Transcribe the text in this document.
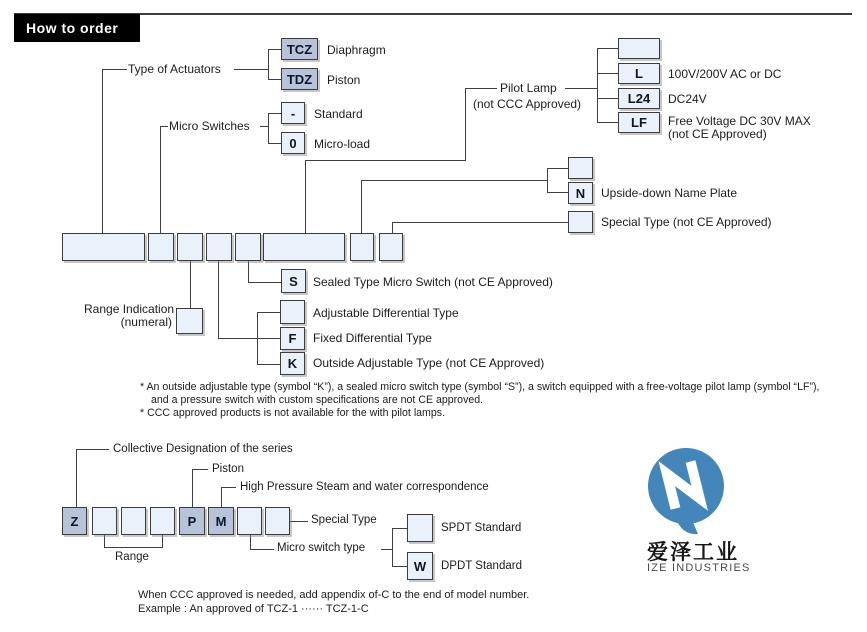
How to order
Type of Actuators
TCZ	Diaphragm
TDZ	Piston
Micro Switches
-	Standard
0	Micro-load
Pilot Lamp
(not CCC Approved)
L	100V/200V AC or DC
L24	DC24V
LF	Free Voltage DC 30V MAX
(not CE Approved)
N	Upside-down Name Plate
Special Type (not CE Approved)
S	Sealed Type Micro Switch (not CE Approved)
Range Indication
(numeral)
Adjustable Differential Type
F	Fixed Differential Type
K	Outside Adjustable Type (not CE Approved)
* An outside adjustable type (symbol “K”), a sealed micro switch type (symbol “S”), a switch equipped with a free-voltage pilot lamp (symbol “LF”),
and a pressure switch with custom specifications are not CE approved.
* CCC approved products is not available for the with pilot lamps.
Collective Designation of the series
Piston
High Pressure Steam and water correspondence
Z	P	M	Special Type
Range
Micro switch type
SPDT Standard
W	DPDT Standard
When CCC approved is needed, add appendix of-C to the end of model number.
Example : An approved of TCZ-1 ······ TCZ-1-C
爱泽工业
IZE INDUSTRIES
